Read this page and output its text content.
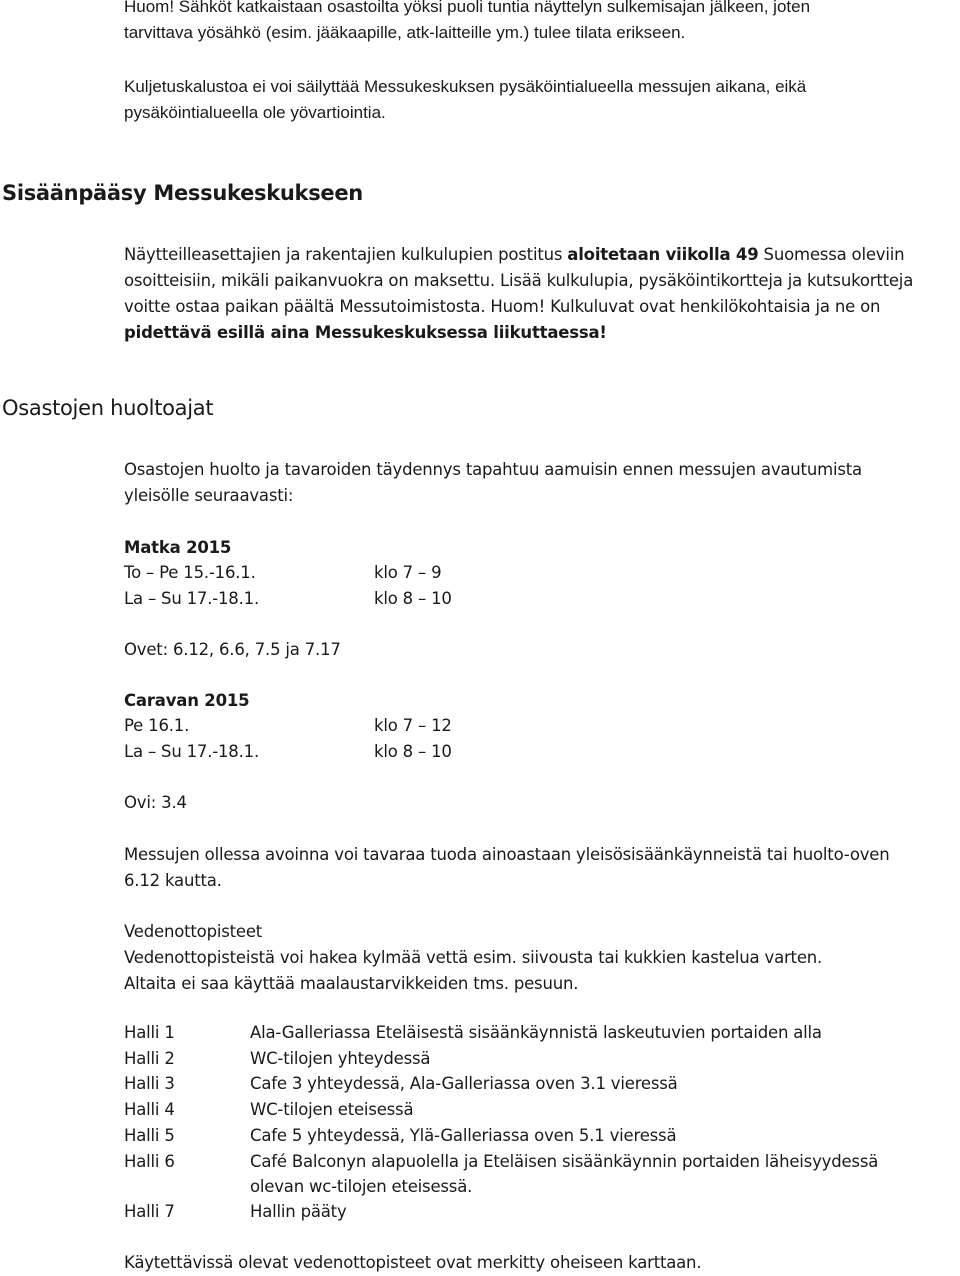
Huom! Sähköt katkaistaan osastoilta yöksi puoli tuntia näyttelyn sulkemisajan jälkeen, joten
tarvittava yösähkö (esim. jääkaapille, atk-laitteille ym.) tulee tilata erikseen.

Kuljetuskalustoa ei voi säilyttää Messukeskuksen pysäköintialueella messujen aikana, eikä
pysäköintialueella ole yövartiointia.

Sisäänpääsy Messukeskukseen

Näytteilleasettajien ja rakentajien kulkulupien postitus aloitetaan viikolla 49 Suomessa oleviin
osoitteisiin, mikäli paikanvuokra on maksettu. Lisää kulkulupia, pysäköintikortteja ja kutsukortteja
voitte ostaa paikan päältä Messutoimistosta. Huom! Kulkuluvat ovat henkilökohtaisia ja ne on
pidettävä esillä aina Messukeskuksessa liikuttaessa!

Osastojen huoltoajat

Osastojen huolto ja tavaroiden täydennys tapahtuu aamuisin ennen messujen avautumista
yleisölle seuraavasti:

Matka 2015

To – Pe 15.-16.1.	klo 7 – 9
La – Su 17.-18.1.	klo 8 – 10

Ovet: 6.12, 6.6, 7.5 ja 7.17

Caravan 2015

Pe 16.1.	klo 7 – 12
La – Su 17.-18.1.	klo 8 – 10

Ovi: 3.4

Messujen ollessa avoinna voi tavaraa tuoda ainoastaan yleisösisäänkäynneistä tai huolto-oven
6.12 kautta.

Vedenottopisteet
Vedenottopisteistä voi hakea kylmää vettä esim. siivousta tai kukkien kastelua varten.
Altaita ei saa käyttää maalaustarvikkeiden tms. pesuun.

Halli 1	Ala-Galleriassa Eteläisestä sisäänkäynnistä laskeutuvien portaiden alla
Halli 2	WC-tilojen yhteydessä
Halli 3	Cafe 3 yhteydessä, Ala-Galleriassa oven 3.1 vieressä
Halli 4	WC-tilojen eteisessä
Halli 5	Cafe 5 yhteydessä, Ylä-Galleriassa oven 5.1 vieressä
Halli 6	Café Balconyn alapuolella ja Eteläisen sisäänkäynnin portaiden läheisyydessä
olevan wc-tilojen eteisessä.
Halli 7	Hallin pääty

Käytettävissä olevat vedenottopisteet ovat merkitty oheiseen karttaan.
